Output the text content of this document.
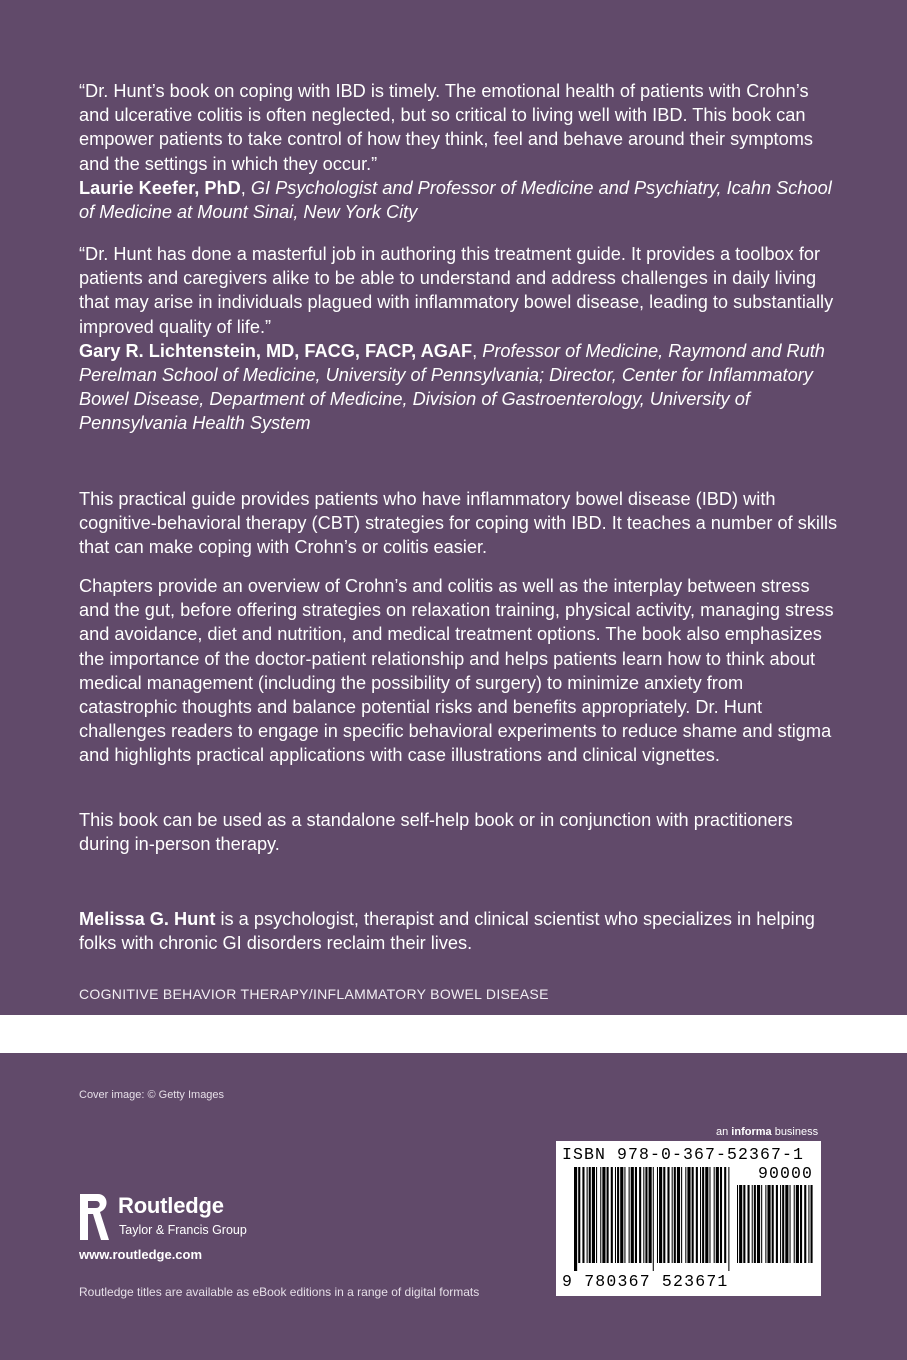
“Dr. Hunt’s book on coping with IBD is timely. The emotional health of patients with Crohn’s and ulcerative colitis is often neglected, but so critical to living well with IBD. This book can empower patients to take control of how they think, feel and behave around their symptoms and the settings in which they occur.”

Laurie Keefer, PhD, GI Psychologist and Professor of Medicine and Psychiatry, Icahn School of Medicine at Mount Sinai, New York City

“Dr. Hunt has done a masterful job in authoring this treatment guide. It provides a toolbox for patients and caregivers alike to be able to understand and address challenges in daily living that may arise in individuals plagued with inflammatory bowel disease, leading to substantially improved quality of life.”

Gary R. Lichtenstein, MD, FACG, FACP, AGAF, Professor of Medicine, Raymond and Ruth Perelman School of Medicine, University of Pennsylvania; Director, Center for Inflammatory Bowel Disease, Department of Medicine, Division of Gastroenterology, University of Pennsylvania Health System

This practical guide provides patients who have inflammatory bowel disease (IBD) with cognitive-behavioral therapy (CBT) strategies for coping with IBD. It teaches a number of skills that can make coping with Crohn’s or colitis easier.

Chapters provide an overview of Crohn’s and colitis as well as the interplay between stress and the gut, before offering strategies on relaxation training, physical activity, managing stress and avoidance, diet and nutrition, and medical treatment options. The book also emphasizes the importance of the doctor-patient relationship and helps patients learn how to think about medical management (including the possibility of surgery) to minimize anxiety from catastrophic thoughts and balance potential risks and benefits appropriately. Dr. Hunt challenges readers to engage in specific behavioral experiments to reduce shame and stigma and highlights practical applications with case illustrations and clinical vignettes.

This book can be used as a standalone self-help book or in conjunction with practitioners during in-person therapy.

Melissa G. Hunt is a psychologist, therapist and clinical scientist who specializes in helping folks with chronic GI disorders reclaim their lives.

COGNITIVE BEHAVIOR THERAPY/INFLAMMATORY BOWEL DISEASE
Cover image: © Getty Images
an informa business
ISBN 978-0-367-52367-1
90000
9 780367 523671
Routledge
Taylor & Francis Group
www.routledge.com
Routledge titles are available as eBook editions in a range of digital formats
